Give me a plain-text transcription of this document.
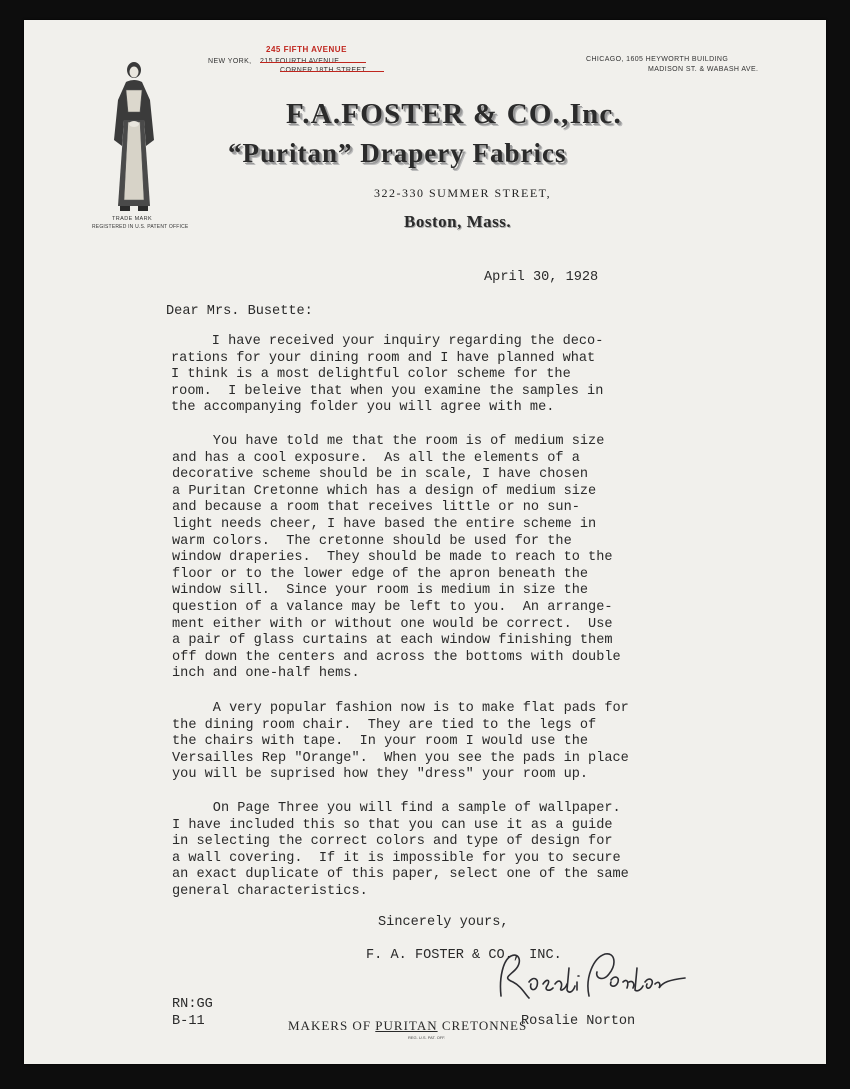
TRADE MARK
REGISTERED IN U.S. PATENT OFFICE
NEW YORK,
245 FIFTH AVENUE
CHICAGO, 1605 HEYWORTH BUILDING
MADISON ST. & WABASH AVE.
F.A.FOSTER & CO.,Inc.
“Puritan” Drapery Fabrics
322-330 SUMMER STREET,
Boston, Mass.
April 30, 1928
Dear Mrs. Busette:
I have received your inquiry regarding the deco-
rations for your dining room and I have planned what
I think is a most delightful color scheme for the
room.  I beleive that when you examine the samples in
the accompanying folder you will agree with me.
You have told me that the room is of medium size
and has a cool exposure.  As all the elements of a
decorative scheme should be in scale, I have chosen
a Puritan Cretonne which has a design of medium size
and because a room that receives little or no sun-
light needs cheer, I have based the entire scheme in
warm colors.  The cretonne should be used for the
window draperies.  They should be made to reach to the
floor or to the lower edge of the apron beneath the
window sill.  Since your room is medium in size the
question of a valance may be left to you.  An arrange-
ment either with or without one would be correct.  Use
a pair of glass curtains at each window finishing them
off down the centers and across the bottoms with double
inch and one-half hems.
A very popular fashion now is to make flat pads for
the dining room chair.  They are tied to the legs of
the chairs with tape.  In your room I would use the
Versailles Rep "Orange".  When you see the pads in place
you will be suprised how they "dress" your room up.
On Page Three you will find a sample of wallpaper.
I have included this so that you can use it as a guide
in selecting the correct colors and type of design for
a wall covering.  If it is impossible for you to secure
an exact duplicate of this paper, select one of the same
general characteristics.
Sincerely yours,
F. A. FOSTER & CO., INC.
RN:GG
B-11	Rosalie Norton
MAKERS OF PURITAN CRETONNES
REG. U.S. PAT. OFF.
